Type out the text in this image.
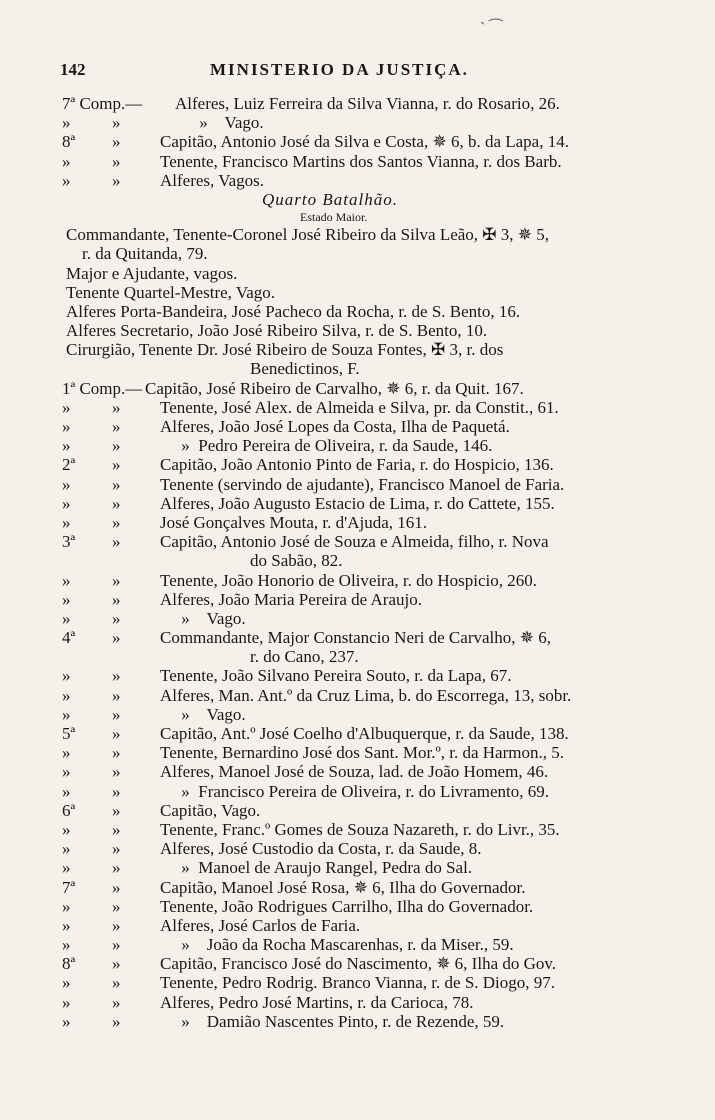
ˋ ⁀
142	MINISTERIO DA JUSTIÇA.
7ª Comp.— Alferes, Luiz Ferreira da Silva Vianna, r. do Rosario, 26.
» »	»    Vago.
8ª » Capitão, Antonio José da Silva e Costa, ✵ 6, b. da Lapa, 14.
» » Tenente, Francisco Martins dos Santos Vianna, r. dos Barb.
» » Alferes, Vagos.
Quarto Batalhão.
Estado Maior.
Commandante, Tenente-Coronel José Ribeiro da Silva Leão, ✠ 3, ✵ 5,
r. da Quitanda, 79.
Major e Ajudante, vagos.
Tenente Quartel-Mestre, Vago.
Alferes Porta-Bandeira, José Pacheco da Rocha, r. de S. Bento, 16.
Alferes Secretario, João José Ribeiro Silva, r. de S. Bento, 10.
Cirurgião, Tenente Dr. José Ribeiro de Souza Fontes, ✠ 3, r. dos
Benedictinos, F.
1ª Comp.— Capitão, José Ribeiro de Carvalho, ✵ 6, r. da Quit. 167.
» » Tenente, José Alex. de Almeida e Silva, pr. da Constit., 61.
» » Alferes, João José Lopes da Costa, Ilha de Paquetá.
» » »  Pedro Pereira de Oliveira, r. da Saude, 146.
2ª » Capitão, João Antonio Pinto de Faria, r. do Hospicio, 136.
» » Tenente (servindo de ajudante), Francisco Manoel de Faria.
» » Alferes, João Augusto Estacio de Lima, r. do Cattete, 155.
» » José Gonçalves Mouta, r. d'Ajuda, 161.
3ª » Capitão, Antonio José de Souza e Almeida, filho, r. Nova
do Sabão, 82.
» » Tenente, João Honorio de Oliveira, r. do Hospicio, 260.
» » Alferes, João Maria Pereira de Araujo.
» » »    Vago.
4ª » Commandante, Major Constancio Neri de Carvalho, ✵ 6,
r. do Cano, 237.
» » Tenente, João Silvano Pereira Souto, r. da Lapa, 67.
» » Alferes, Man. Ant.º da Cruz Lima, b. do Escorrega, 13, sobr.
» » »    Vago.
5ª » Capitão, Ant.º José Coelho d'Albuquerque, r. da Saude, 138.
» » Tenente, Bernardino José dos Sant. Mor.º, r. da Harmon., 5.
» » Alferes, Manoel José de Souza, lad. de João Homem, 46.
» » »  Francisco Pereira de Oliveira, r. do Livramento, 69.
6ª » Capitão, Vago.
» » Tenente, Franc.º Gomes de Souza Nazareth, r. do Livr., 35.
» » Alferes, José Custodio da Costa, r. da Saude, 8.
» » »  Manoel de Araujo Rangel, Pedra do Sal.
7ª » Capitão, Manoel José Rosa, ✵ 6, Ilha do Governador.
» » Tenente, João Rodrigues Carrilho, Ilha do Governador.
» » Alferes, José Carlos de Faria.
» » »    João da Rocha Mascarenhas, r. da Miser., 59.
8ª » Capitão, Francisco José do Nascimento, ✵ 6, Ilha do Gov.
» » Tenente, Pedro Rodrig. Branco Vianna, r. de S. Diogo, 97.
» » Alferes, Pedro José Martins, r. da Carioca, 78.
» » »    Damião Nascentes Pinto, r. de Rezende, 59.
